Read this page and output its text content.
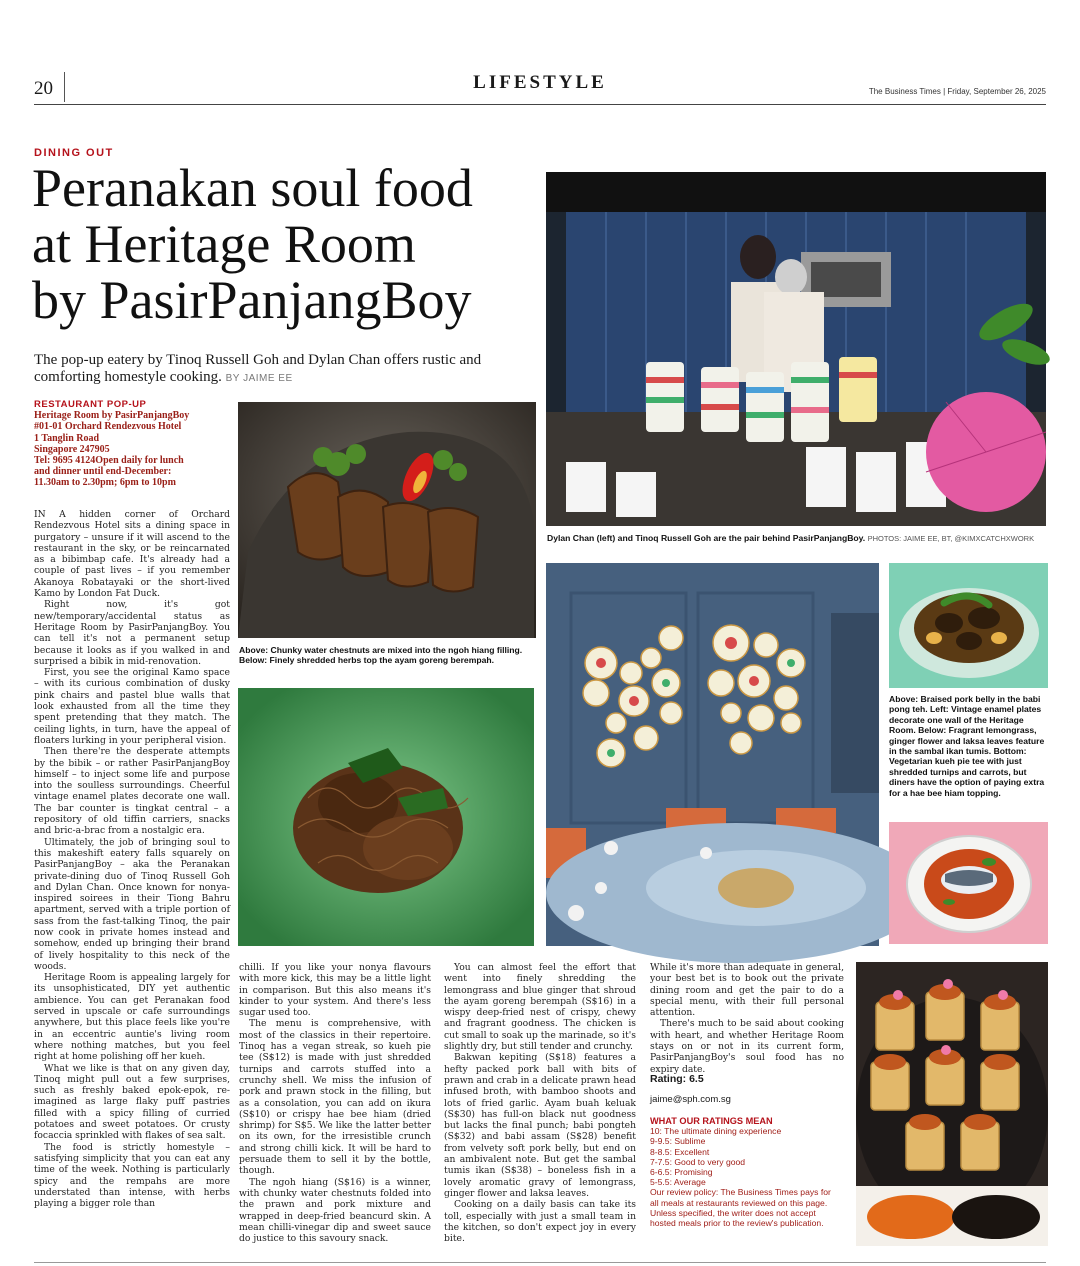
20	LIFESTYLE	The Business Times | Friday, September 26, 2025
DINING OUT
Peranakan soul food
at Heritage Room
by PasirPanjangBoy
The pop-up eatery by Tinoq Russell Goh and Dylan Chan offers rustic and comforting homestyle cooking. BY JAIME EE
RESTAURANT POP-UP
Heritage Room by PasirPanjangBoy
#01-01 Orchard Rendezvous Hotel
1 Tanglin Road
Singapore 247905
Tel: 9695 4124Open daily for lunch
and dinner until end-December:
11.30am to 2.30pm; 6pm to 10pm

IN A hidden corner of Orchard Rendezvous Hotel sits a dining space in purgatory – unsure if it will ascend to the restaurant in the sky, or be reincarnated as a bibimbap cafe. It's already had a couple of past lives – if you remember Akanoya Robatayaki or the short-lived Kamo by London Fat Duck.

Right now, it's got new/temporary/accidental status as Heritage Room by PasirPanjangBoy. You can tell it's not a permanent setup because it looks as if you walked in and surprised a bibik in mid-renovation.

First, you see the original Kamo space – with its curious combination of dusky pink chairs and pastel blue walls that look exhausted from all the time they spent pretending that they match. The ceiling lights, in turn, have the appeal of floaters lurking in your peripheral vision.

Then there're the desperate attempts by the bibik – or rather PasirPanjangBoy himself – to inject some life and purpose into the soulless surroundings. Cheerful vintage enamel plates decorate one wall. The bar counter is tingkat central – a repository of old tiffin carriers, snacks and bric-a-brac from a nostalgic era.

Ultimately, the job of bringing soul to this makeshift eatery falls squarely on PasirPanjangBoy – aka the Peranakan private-dining duo of Tinoq Russell Goh and Dylan Chan. Once known for nonya-inspired soirees in their Tiong Bahru apartment, served with a triple portion of sass from the fast-talking Tinoq, the pair now cook in private homes instead and somehow, ended up bringing their brand of lively hospitality to this neck of the woods.

Heritage Room is appealing largely for its unsophisticated, DIY yet authentic ambience. You can get Peranakan food served in upscale or cafe surroundings anywhere, but this place feels like you're in an eccentric auntie's living room where nothing matches, but you feel right at home polishing off her kueh.

What we like is that on any given day, Tinoq might pull out a few surprises, such as freshly baked epok-epok, re-imagined as large flaky puff pastries filled with a spicy filling of curried potatoes and sweet potatoes. Or crusty focaccia sprinkled with flakes of sea salt.

The food is strictly homestyle – satisfying simplicity that you can eat any time of the week. Nothing is particularly spicy and the rempahs are more understated than intense, with herbs playing a bigger role than

Above: Chunky water chestnuts are mixed into the ngoh hiang filling. Below: Finely shredded herbs top the ayam goreng berempah.
Dylan Chan (left) and Tinoq Russell Goh are the pair behind PasirPanjangBoy. PHOTOS: JAIME EE, BT, @KIMXCATCHXWORK
Above: Braised pork belly in the babi pong teh. Left: Vintage enamel plates decorate one wall of the Heritage Room. Below: Fragrant lemongrass, ginger flower and laksa leaves feature in the sambal ikan tumis. Bottom: Vegetarian kueh pie tee with just shredded turnips and carrots, but diners have the option of paying extra for a hae bee hiam topping.

chilli. If you like your nonya flavours with more kick, this may be a little light in comparison. But this also means it's kinder to your system. And there's less sugar used too.

The menu is comprehensive, with most of the classics in their repertoire. Tinoq has a vegan streak, so kueh pie tee (S$12) is made with just shredded turnips and carrots stuffed into a crunchy shell. We miss the infusion of pork and prawn stock in the filling, but as a consolation, you can add on ikura (S$10) or crispy hae bee hiam (dried shrimp) for S$5. We like the latter better on its own, for the irresistible crunch and strong chilli kick. It will be hard to persuade them to sell it by the bottle, though.

The ngoh hiang (S$16) is a winner, with chunky water chestnuts folded into the prawn and pork mixture and wrapped in deep-fried beancurd skin. A mean chilli-vinegar dip and sweet sauce do justice to this savoury snack.

You can almost feel the effort that went into finely shredding the lemongrass and blue ginger that shroud the ayam goreng berempah (S$16) in a wispy deep-fried nest of crispy, chewy and fragrant goodness. The chicken is cut small to soak up the marinade, so it's slightly dry, but still tender and crunchy.

Bakwan kepiting (S$18) features a hefty packed pork ball with bits of prawn and crab in a delicate prawn head infused broth, with bamboo shoots and lots of fried garlic. Ayam buah keluak (S$30) has full-on black nut goodness but lacks the final punch; babi pongteh (S$32) and babi assam (S$28) benefit from velvety soft pork belly, but end on an ambivalent note. But get the sambal tumis ikan (S$38) – boneless fish in a lovely aromatic gravy of lemongrass, ginger flower and laksa leaves.

Cooking on a daily basis can take its toll, especially with just a small team in the kitchen, so don't expect joy in every bite.

While it's more than adequate in general, your best bet is to book out the private dining room and get the pair to do a special menu, with their full personal attention.

There's much to be said about cooking with heart, and whether Heritage Room stays on or not in its current form, PasirPanjangBoy's soul food has no expiry date.

Rating: 6.5
jaime@sph.com.sg
WHAT OUR RATINGS MEAN
10: The ultimate dining experience
9-9.5: Sublime
8-8.5: Excellent
7-7.5: Good to very good
6-6.5: Promising
5-5.5: Average
Our review policy: The Business Times pays for all meals at restaurants reviewed on this page. Unless specified, the writer does not accept hosted meals prior to the review's publication.
